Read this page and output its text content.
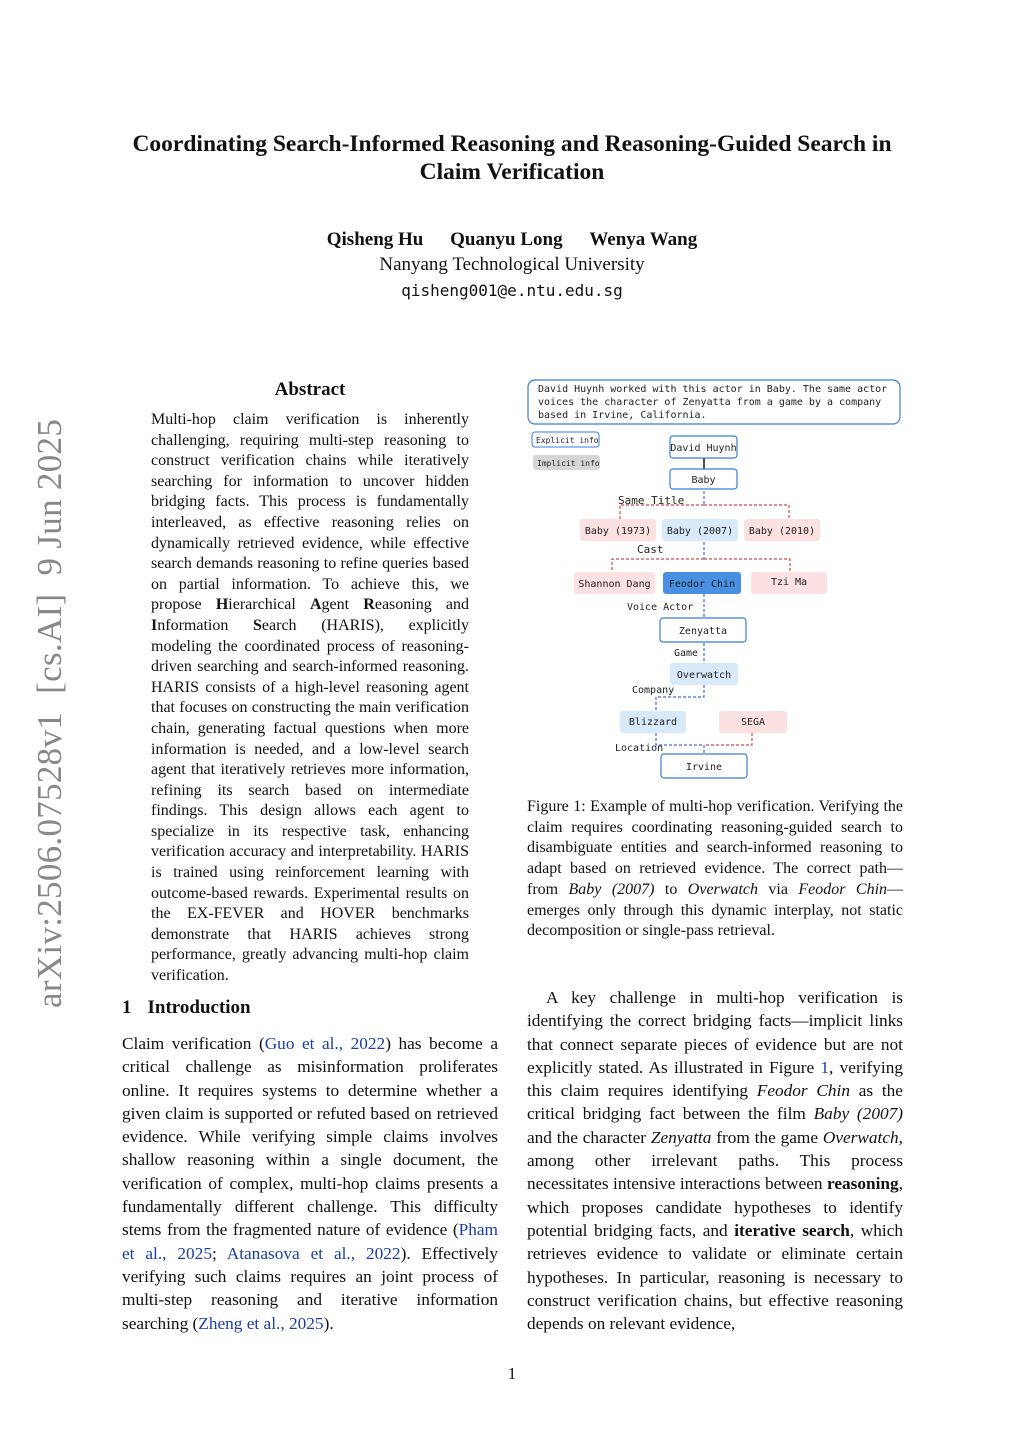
Coordinating Search-Informed Reasoning and Reasoning-Guided Search in Claim Verification
Qisheng Hu Quanyu Long Wenya Wang
Nanyang Technological University
qisheng001@e.ntu.edu.sg
arXiv:2506.07528v1  [cs.AI]  9 Jun 2025
Abstract
Multi-hop claim verification is inherently challenging, requiring multi-step reasoning to construct verification chains while iteratively searching for information to uncover hidden bridging facts. This process is fundamentally interleaved, as effective reasoning relies on dynamically retrieved evidence, while effective search demands reasoning to refine queries based on partial information. To achieve this, we propose Hierarchical Agent Reasoning and Information Search (HARIS), explicitly modeling the coordinated process of reasoning-driven searching and search-informed reasoning. HARIS consists of a high-level reasoning agent that focuses on constructing the main verification chain, generating factual questions when more information is needed, and a low-level search agent that iteratively retrieves more information, refining its search based on intermediate findings. This design allows each agent to specialize in its respective task, enhancing verification accuracy and interpretability. HARIS is trained using reinforcement learning with outcome-based rewards. Experimental results on the EX-FEVER and HOVER benchmarks demonstrate that HARIS achieves strong performance, greatly advancing multi-hop claim verification.
1 Introduction

Claim verification (Guo et al., 2022) has become a critical challenge as misinformation proliferates online. It requires systems to determine whether a given claim is supported or refuted based on retrieved evidence. While verifying simple claims involves shallow reasoning within a single document, the verification of complex, multi-hop claims presents a fundamentally different challenge. This difficulty stems from the fragmented nature of evidence (Pham et al., 2025; Atanasova et al., 2022). Effectively verifying such claims requires an joint process of multi-step reasoning and iterative information searching (Zheng et al., 2025).

David Huynh worked with this actor in Baby. The same actor
voices the character of Zenyatta from a game by a company
based in Irvine, California.
Explicit info
Implicit info
David Huynh
Baby
Same Title
Baby (1973) Baby (2007) Baby (2010)
Cast
Shannon Dang Feodor Chin	Tzi Ma
Voice Actor
Zenyatta
Game
Overwatch
Company
Blizzard	SEGA
Location
Irvine
Figure 1: Example of multi-hop verification. Verifying the claim requires coordinating reasoning-guided search to disambiguate entities and search-informed reasoning to adapt based on retrieved evidence. The correct path—from Baby (2007) to Overwatch via Feodor Chin—emerges only through this dynamic interplay, not static decomposition or single-pass retrieval.

A key challenge in multi-hop verification is identifying the correct bridging facts—implicit links that connect separate pieces of evidence but are not explicitly stated. As illustrated in Figure 1, verifying this claim requires identifying Feodor Chin as the critical bridging fact between the film Baby (2007) and the character Zenyatta from the game Overwatch, among other irrelevant paths. This process necessitates intensive interactions between reasoning, which proposes candidate hypotheses to identify potential bridging facts, and iterative search, which retrieves evidence to validate or eliminate certain hypotheses. In particular, reasoning is necessary to construct verification chains, but effective reasoning depends on relevant evidence,

1
